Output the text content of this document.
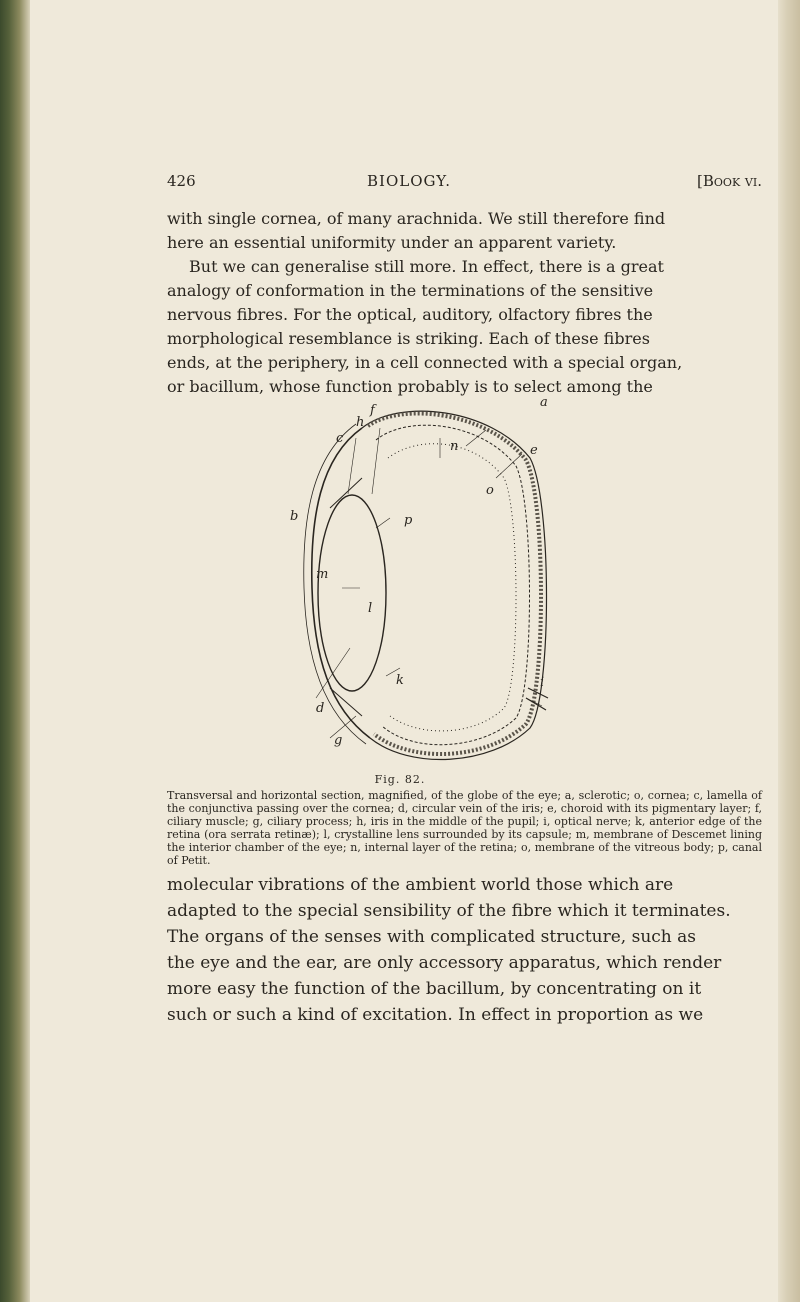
426	BIOLOGY.	[Book vi.

with single cornea, of many arachnida. We still therefore find

here an essential uniformity under an apparent variety.

But we can generalise still more. In effect, there is a great

analogy of conformation in the terminations of the sensitive

nervous fibres. For the optical, auditory, olfactory fibres the

morphological resemblance is striking. Each of these fibres

ends, at the periphery, in a cell connected with a special organ,

or bacillum, whose function probably is to select among the

a
n
o
e
f
h
c
b	p
m
l
i
k
d
g
Fig. 82.

Transversal and horizontal section, magnified, of the globe of the eye; a, sclerotic; o, cornea; c, lamella of the conjunctiva passing over the cornea; d, circular vein of the iris; e, choroid with its pigmentary layer; f, ciliary muscle; g, ciliary process; h, iris in the middle of the pupil; i, optical nerve; k, anterior edge of the retina (ora serrata retinæ); l, crystalline lens surrounded by its capsule; m, membrane of Descemet lining the interior chamber of the eye; n, internal layer of the retina; o, membrane of the vitreous body; p, canal of Petit.

molecular vibrations of the ambient world those which are

adapted to the special sensibility of the fibre which it terminates.

The organs of the senses with complicated structure, such as

the eye and the ear, are only accessory apparatus, which render

more easy the function of the bacillum, by concentrating on it

such or such a kind of excitation. In effect in proportion as we
